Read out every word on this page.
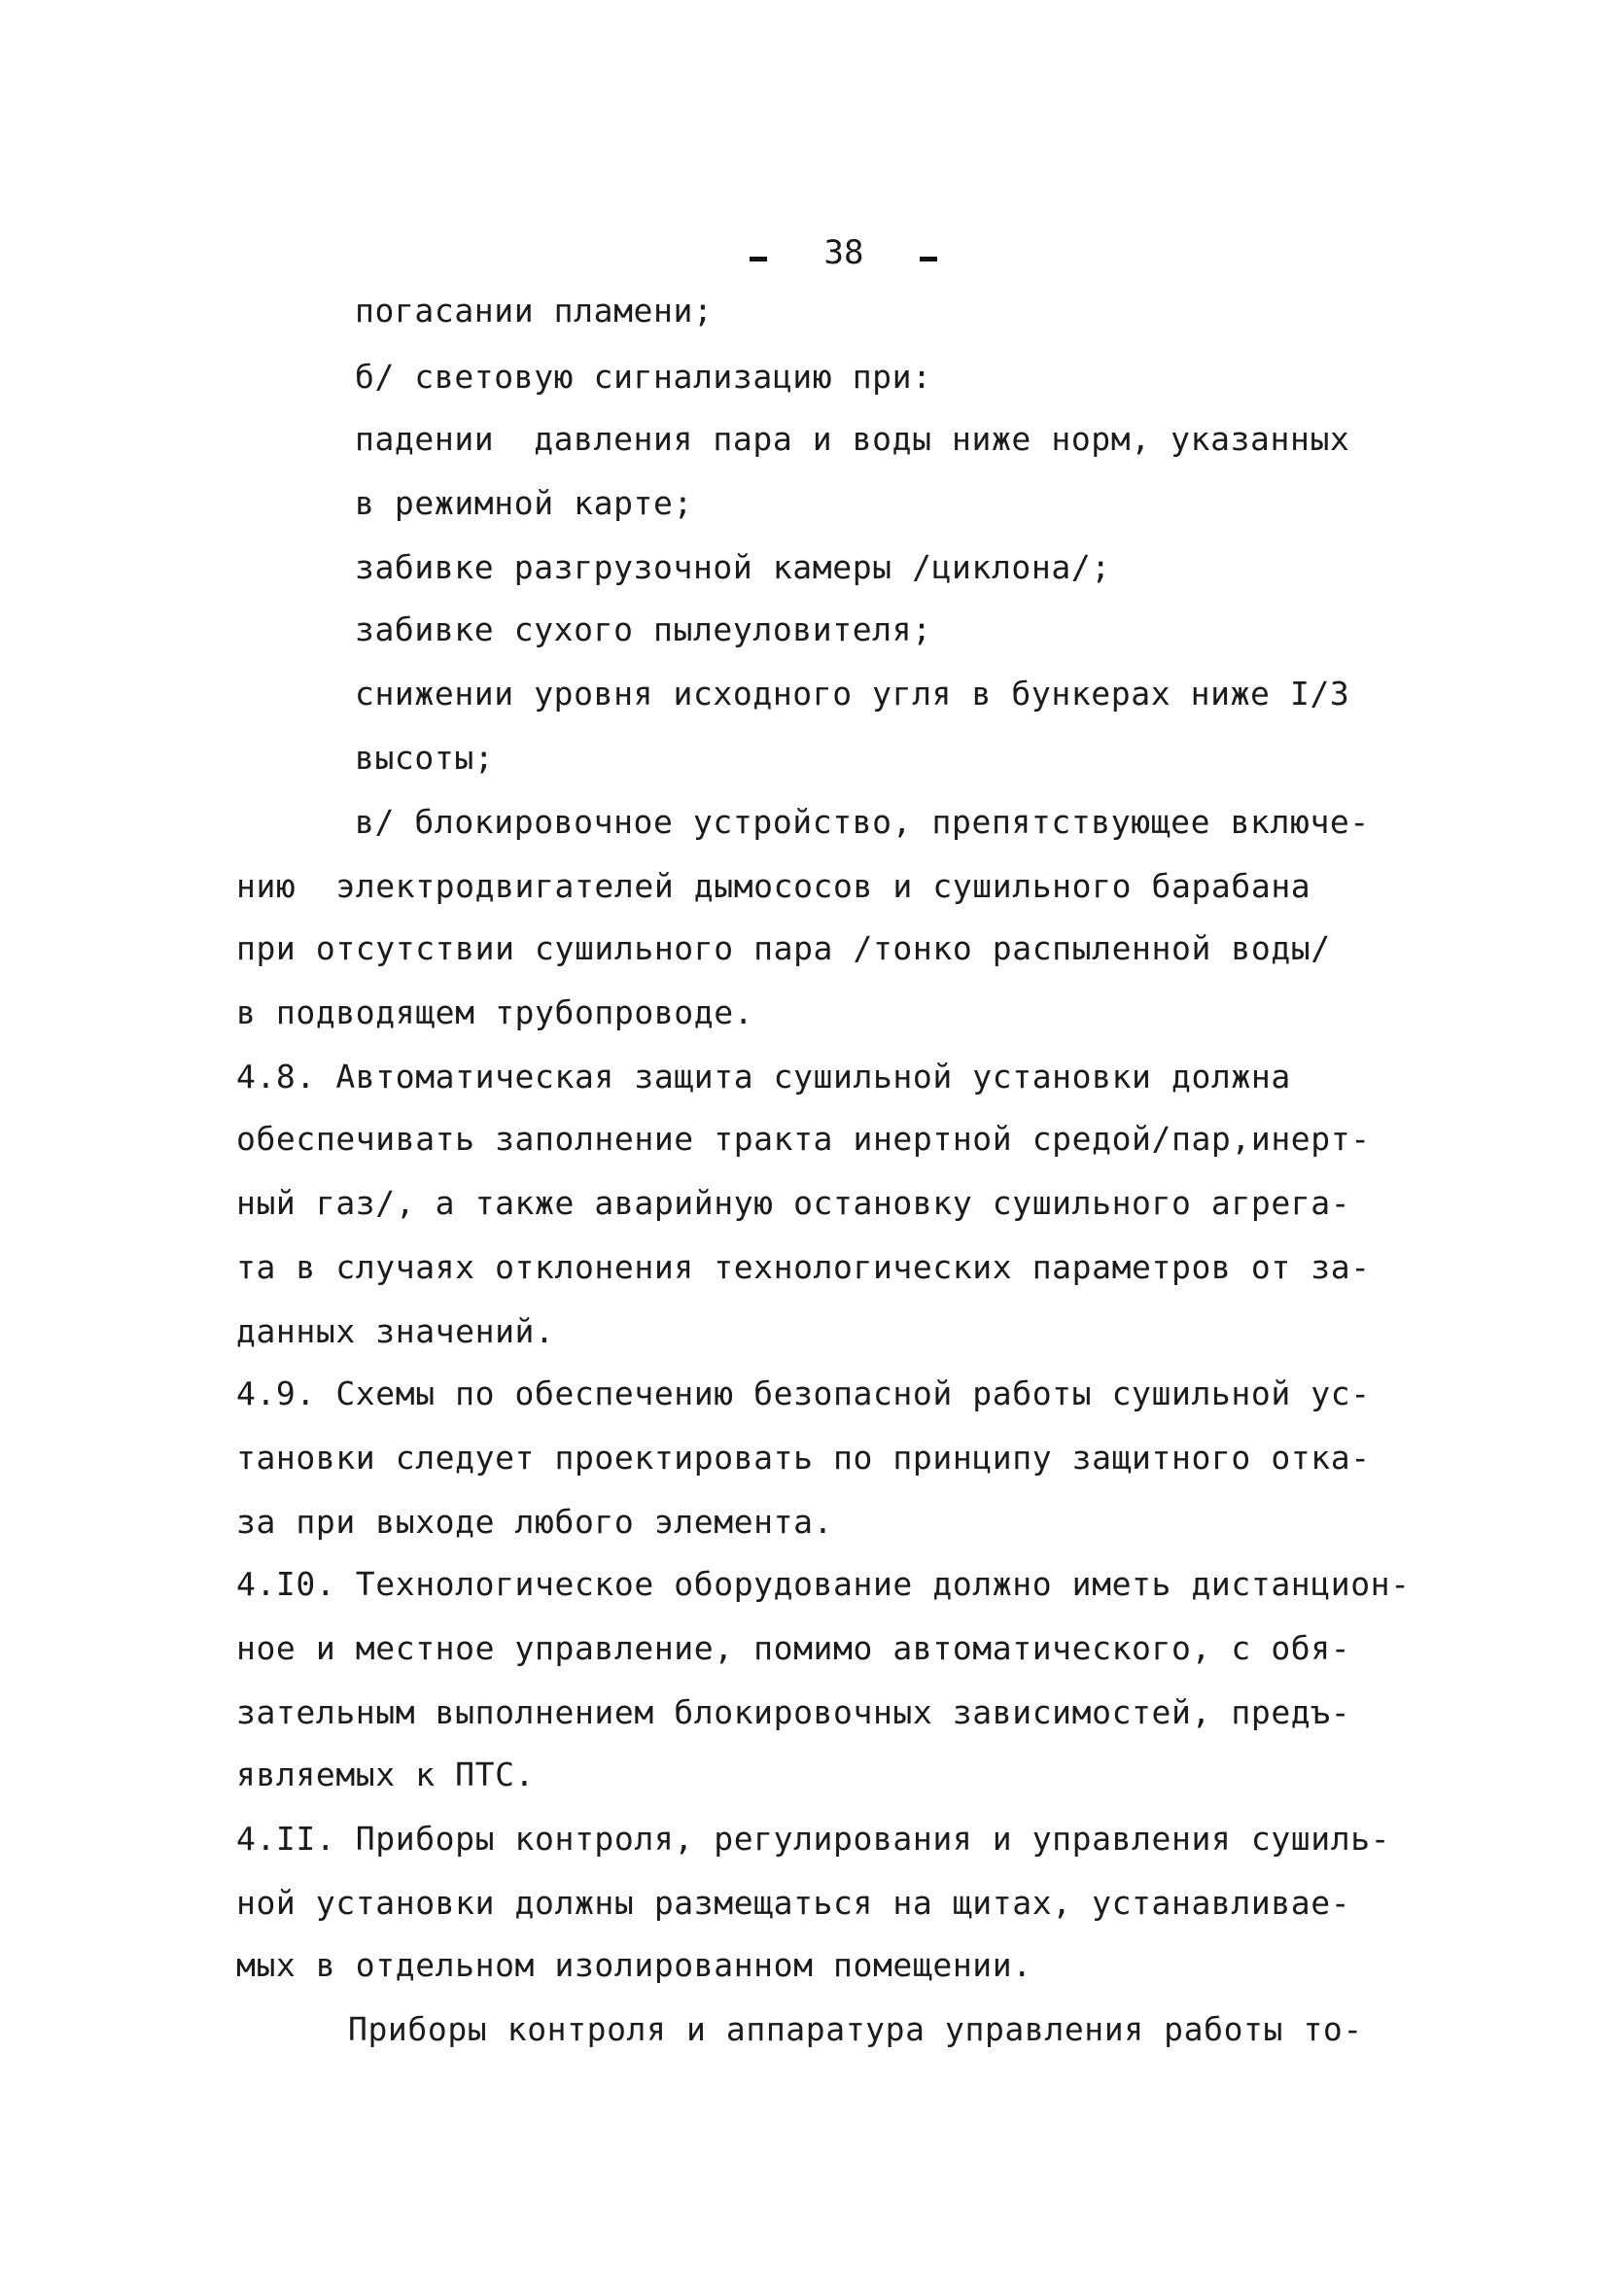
38

погасании пламени;
б/ световую сигнализацию при:
падении  давления пара и воды ниже норм, указанных
в режимной карте;
забивке разгрузочной камеры /циклона/;
забивке сухого пылеуловителя;
снижении уровня исходного угля в бункерах ниже I/3
высоты;
в/ блокировочное устройство, препятствующее включе-
нию  электродвигателей дымососов и сушильного барабана
при отсутствии сушильного пара /тонко распыленной воды/
в подводящем трубопроводе.
4.8. Автоматическая защита сушильной установки должна
обеспечивать заполнение тракта инертной средой/пар,инерт-
ный газ/, а также аварийную остановку сушильного агрега-
та в случаях отклонения технологических параметров от за-
данных значений.
4.9. Схемы по обеспечению безопасной работы сушильной ус-
тановки следует проектировать по принципу защитного отка-
за при выходе любого элемента.
4.I0. Технологическое оборудование должно иметь дистанцион-
ное и местное управление, помимо автоматического, с обя-
зательным выполнением блокировочных зависимостей, предъ-
являемых к ПТС.
4.II. Приборы контроля, регулирования и управления сушиль-
ной установки должны размещаться на щитах, устанавливае-
мых в отдельном изолированном помещении.
Приборы контроля и аппаратура управления работы то-
